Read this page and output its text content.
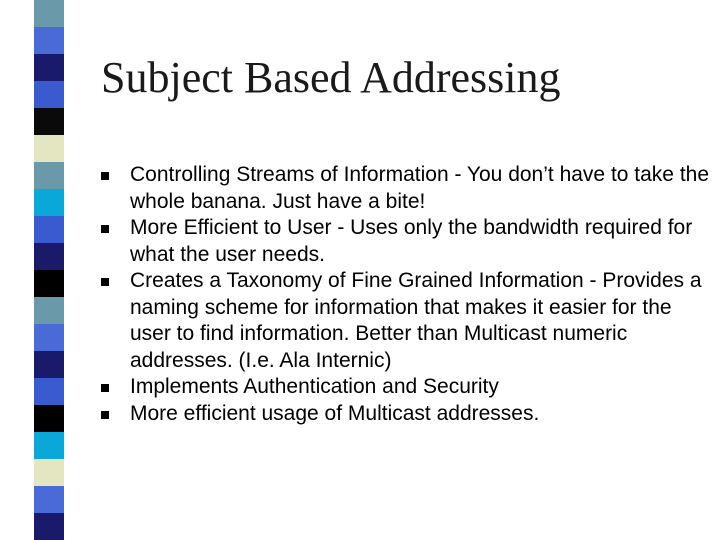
Subject Based Addressing
Controlling Streams of Information - You don’t have to take the whole banana. Just have a bite!
More Efficient to User - Uses only the bandwidth required for what the user needs.
Creates a Taxonomy of Fine Grained Information - Provides a naming scheme for information that makes it easier for the user to find information. Better than Multicast numeric addresses. (I.e. Ala Internic)
Implements Authentication and Security
More efficient usage of Multicast addresses.
